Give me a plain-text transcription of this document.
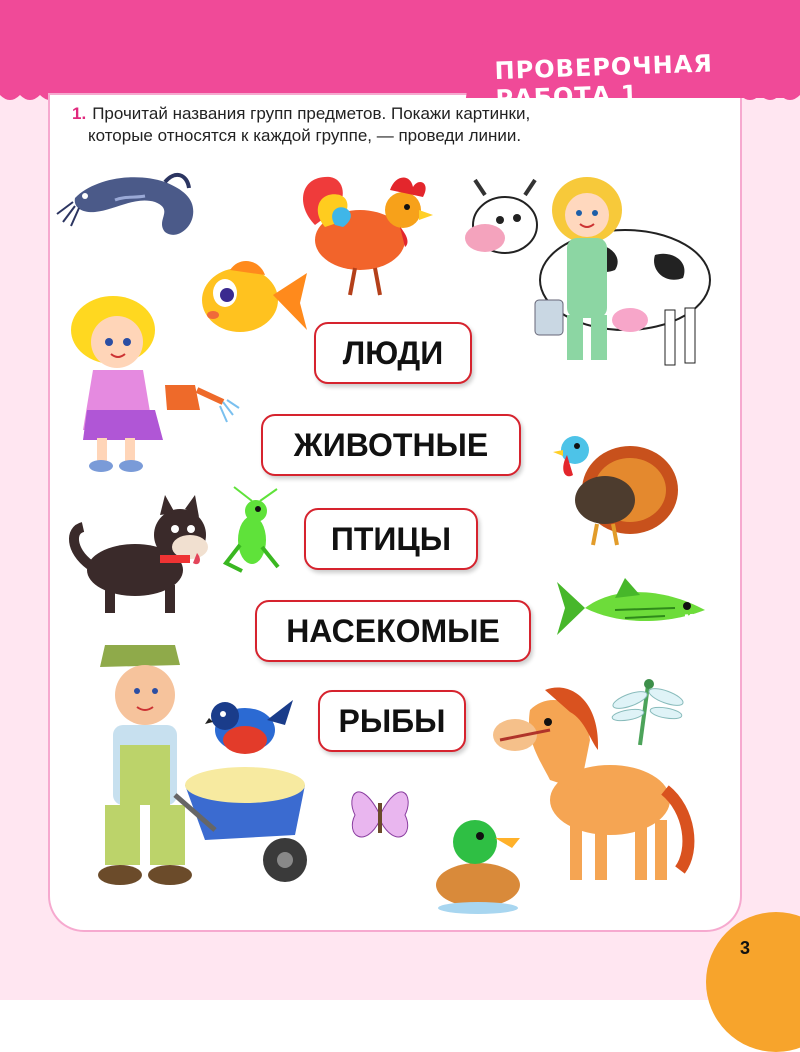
ПРОВЕРОЧНАЯ РАБОТА 1
1. Прочитай названия групп предметов. Покажи картинки,
которые относятся к каждой группе, — проведи линии.
ЛЮДИ
ЖИВОТНЫЕ
ПТИЦЫ
НАСЕКОМЫЕ
РЫБЫ
3
